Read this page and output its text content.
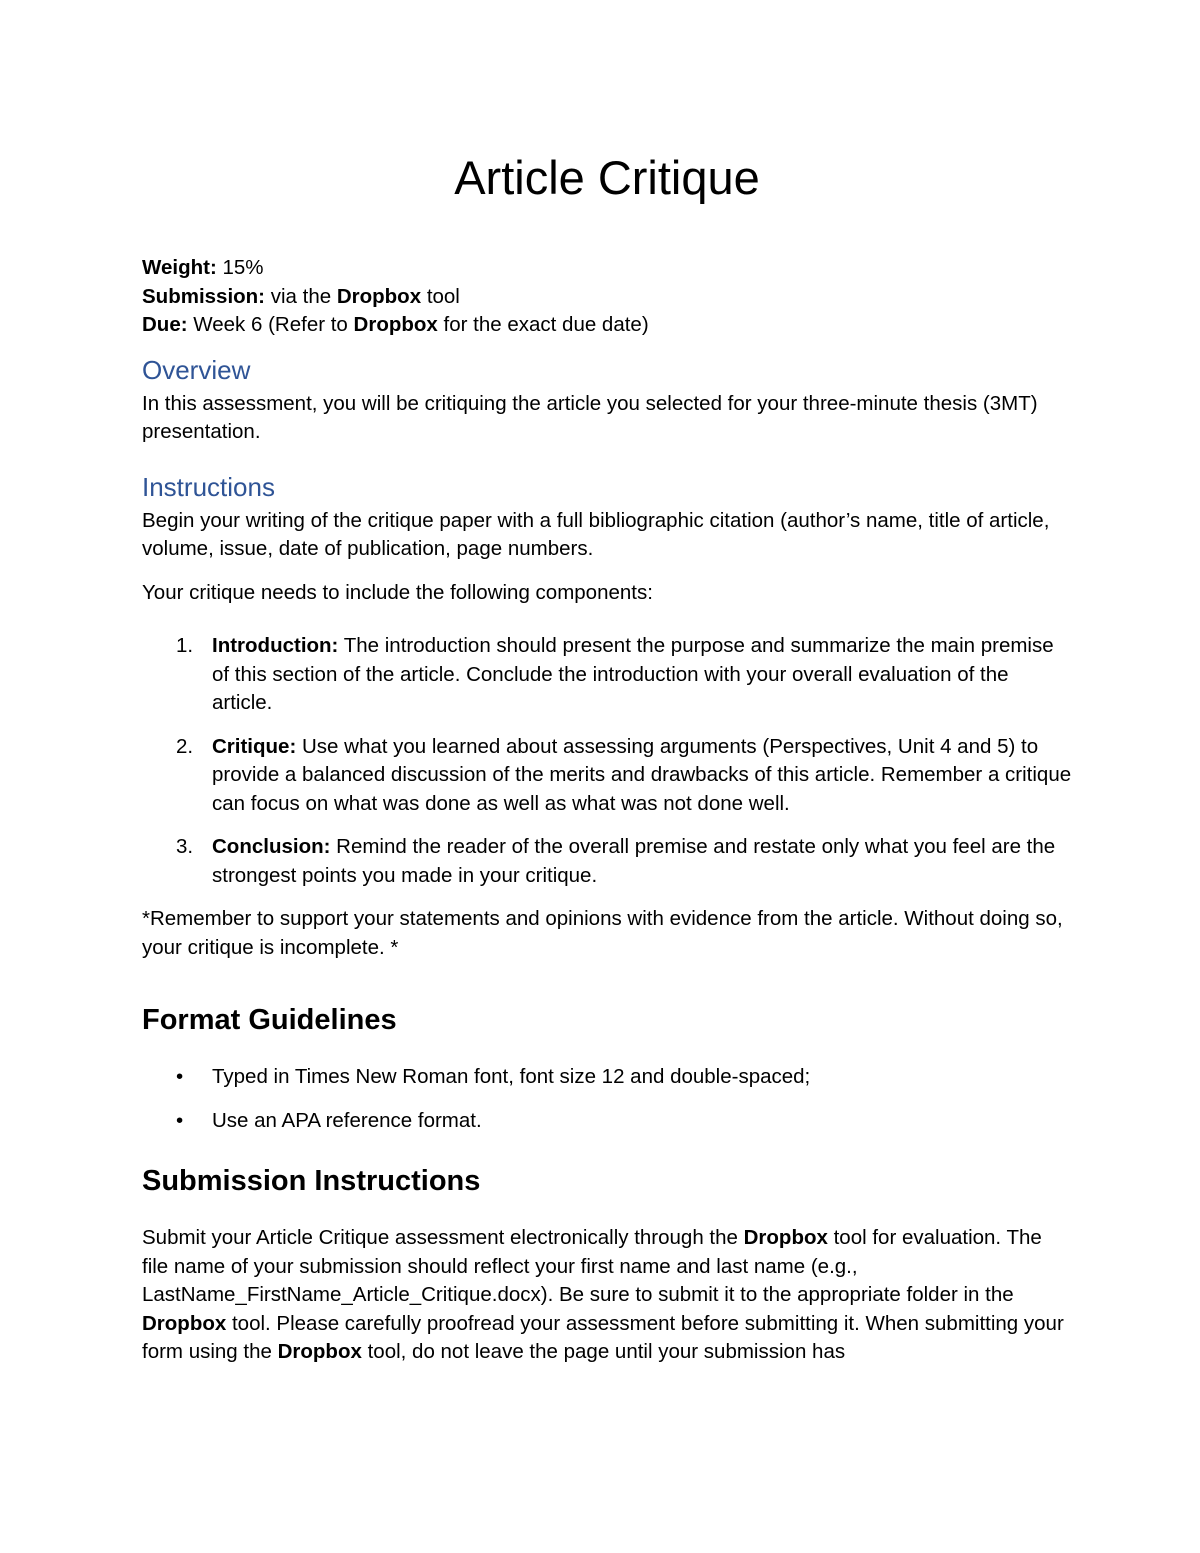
Article Critique
Weight: 15%
Submission: via the Dropbox tool
Due: Week 6 (Refer to Dropbox for the exact due date)
Overview

In this assessment, you will be critiquing the article you selected for your three-minute thesis (3MT) presentation.

Instructions

Begin your writing of the critique paper with a full bibliographic citation (author’s name, title of article, volume, issue, date of publication, page numbers.

Your critique needs to include the following components:

1. Introduction: The introduction should present the purpose and summarize the main premise of this section of the article. Conclude the introduction with your overall evaluation of the article.
2. Critique: Use what you learned about assessing arguments (Perspectives, Unit 4 and 5) to provide a balanced discussion of the merits and drawbacks of this article. Remember a critique can focus on what was done as well as what was not done well.
3. Conclusion: Remind the reader of the overall premise and restate only what you feel are the strongest points you made in your critique.

*Remember to support your statements and opinions with evidence from the article. Without doing so, your critique is incomplete. *

Format Guidelines
• Typed in Times New Roman font, font size 12 and double-spaced;
• Use an APA reference format.
Submission Instructions

Submit your Article Critique assessment electronically through the Dropbox tool for evaluation. The file name of your submission should reflect your first name and last name (e.g., LastName_FirstName_Article_Critique.docx). Be sure to submit it to the appropriate folder in the Dropbox tool. Please carefully proofread your assessment before submitting it. When submitting your form using the Dropbox tool, do not leave the page until your submission has
